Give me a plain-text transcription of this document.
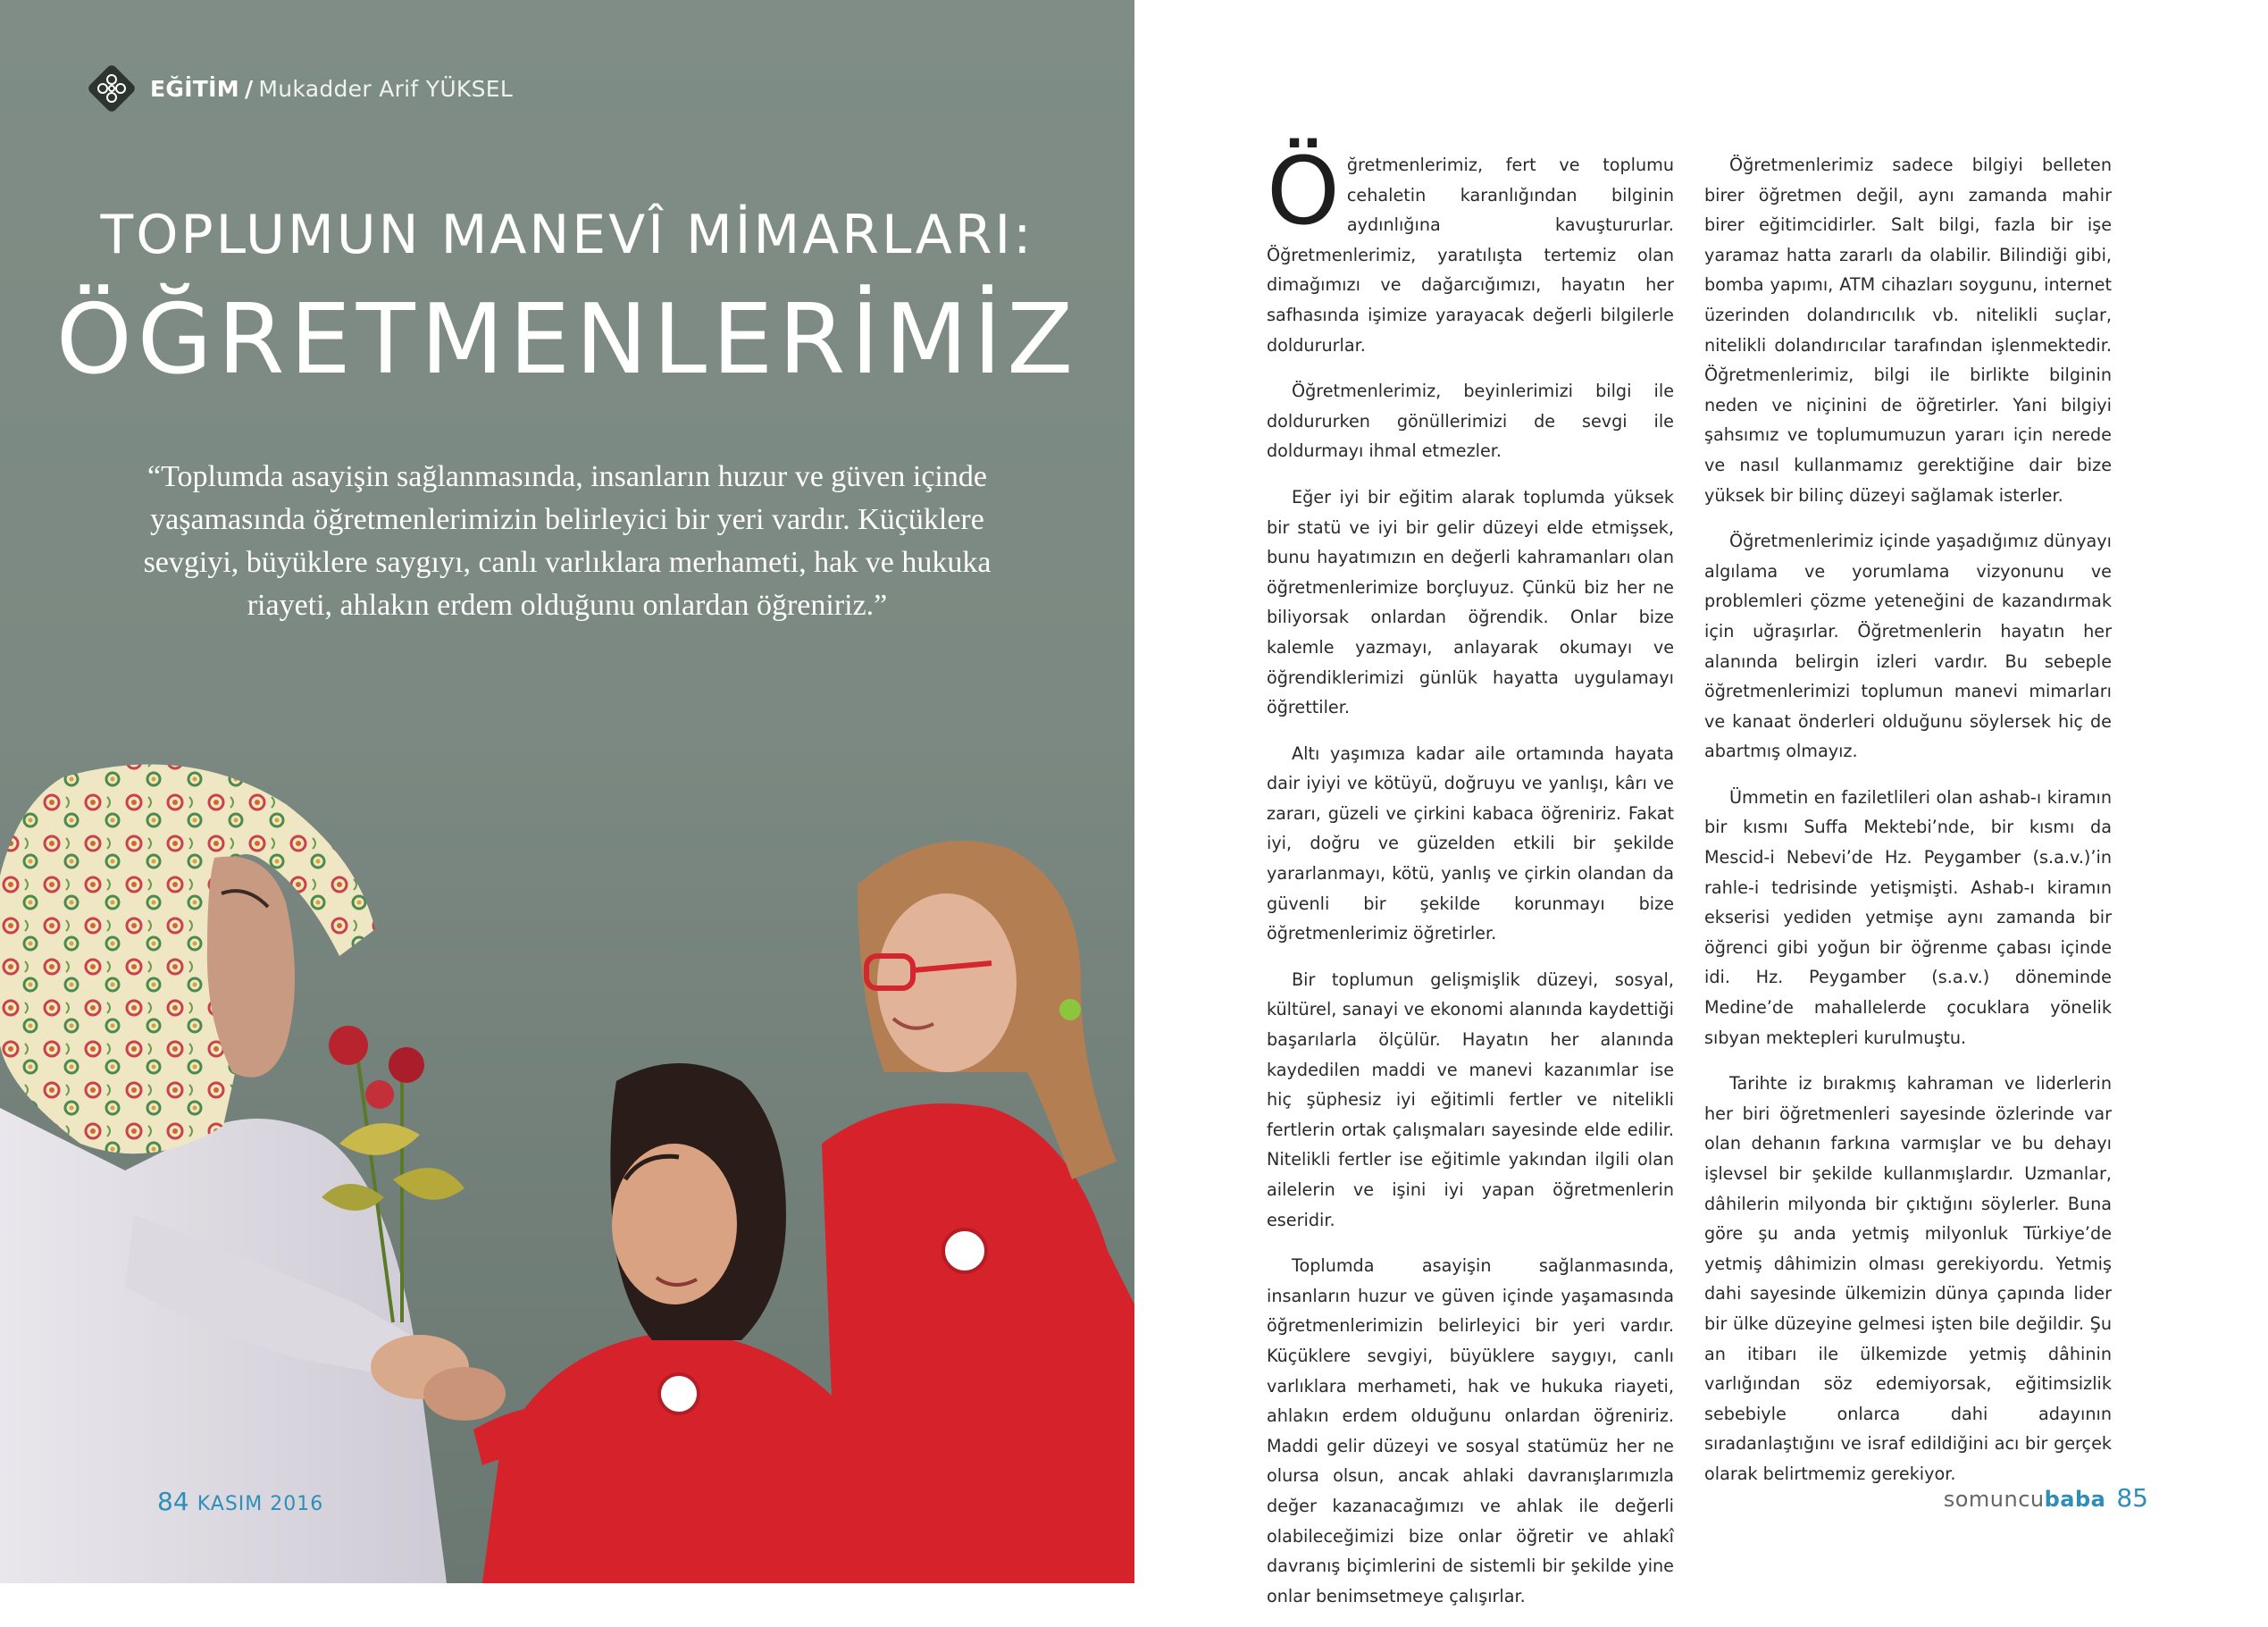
EĞİTİM / Mukadder Arif YÜKSEL
TOPLUMUN MANEVÎ MİMARLARI:
ÖĞRETMENLERİMİZ
“Toplumda asayişin sağlanmasında, insanların huzur ve güven içinde yaşamasında öğretmenlerimizin belirleyici bir yeri vardır. Küçüklere sevgiyi, büyüklere saygıyı, canlı varlıklara merhameti, hak ve hukuka riayeti, ahlakın erdem olduğunu onlardan öğreniriz.”
84 KASIM 2016

Öğretmenlerimiz, fert ve toplumu cehaletin karanlığından bilginin aydınlığına kavuştururlar. Öğretmenlerimiz, yaratılışta tertemiz olan dimağımızı ve dağarcığımızı, hayatın her safhasında işimize yarayacak değerli bilgilerle doldururlar.

Öğretmenlerimiz, beyinlerimizi bilgi ile doldururken gönüllerimizi de sevgi ile doldurmayı ihmal etmezler.

Eğer iyi bir eğitim alarak toplumda yüksek bir statü ve iyi bir gelir düzeyi elde etmişsek, bunu hayatımızın en değerli kahramanları olan öğretmenlerimize borçluyuz. Çünkü biz her ne biliyorsak onlardan öğrendik. Onlar bize kalemle yazmayı, anlayarak okumayı ve öğrendiklerimizi günlük hayatta uygulamayı öğrettiler.

Altı yaşımıza kadar aile ortamında hayata dair iyiyi ve kötüyü, doğruyu ve yanlışı, kârı ve zararı, güzeli ve çirkini kabaca öğreniriz. Fakat iyi, doğru ve güzelden etkili bir şekilde yararlanmayı, kötü, yanlış ve çirkin olandan da güvenli bir şekilde korunmayı bize öğretmenlerimiz öğretirler.

Bir toplumun gelişmişlik düzeyi, sosyal, kültürel, sanayi ve ekonomi alanında kaydettiği başarılarla ölçülür. Hayatın her alanında kaydedilen maddi ve manevi kazanımlar ise hiç şüphesiz iyi eğitimli fertler ve nitelikli fertlerin ortak çalışmaları sayesinde elde edilir. Nitelikli fertler ise eğitimle yakından ilgili olan ailelerin ve işini iyi yapan öğretmenlerin eseridir.

Toplumda asayişin sağlanmasında, insanların huzur ve güven içinde yaşamasında öğretmenlerimizin belirleyici bir yeri vardır. Küçüklere sevgiyi, büyüklere saygıyı, canlı varlıklara merhameti, hak ve hukuka riayeti, ahlakın erdem olduğunu onlardan öğreniriz. Maddi gelir düzeyi ve sosyal statümüz her ne olursa olsun, ancak ahlaki davranışlarımızla değer kazanacağımızı ve ahlak ile değerli olabileceğimizi bize onlar öğretir ve ahlakî davranış biçimlerini de sistemli bir şekilde yine onlar benimsetmeye çalışırlar.

Öğretmenlerimiz sadece bilgiyi belleten birer öğretmen değil, aynı zamanda mahir birer eğitimcidirler. Salt bilgi, fazla bir işe yaramaz hatta zararlı da olabilir. Bilindiği gibi, bomba yapımı, ATM cihazları soygunu, internet üzerinden dolandırıcılık vb. nitelikli suçlar, nitelikli dolandırıcılar tarafından işlenmektedir. Öğretmenlerimiz, bilgi ile birlikte bilginin neden ve niçinini de öğretirler. Yani bilgiyi şahsımız ve toplumumuzun yararı için nerede ve nasıl kullanmamız gerektiğine dair bize yüksek bir bilinç düzeyi sağlamak isterler.

Öğretmenlerimiz içinde yaşadığımız dünyayı algılama ve yorumlama vizyonunu ve problemleri çözme yeteneğini de kazandırmak için uğraşırlar. Öğretmenlerin hayatın her alanında belirgin izleri vardır. Bu sebeple öğretmenlerimizi toplumun manevi mimarları ve kanaat önderleri olduğunu söylersek hiç de abartmış olmayız.

Ümmetin en faziletlileri olan ashab-ı kiramın bir kısmı Suffa Mektebi’nde, bir kısmı da Mescid-i Nebevi’de Hz. Peygamber (s.a.v.)’in rahle-i tedrisinde yetişmişti. Ashab-ı kiramın ekserisi yediden yetmişe aynı zamanda bir öğrenci gibi yoğun bir öğrenme çabası içinde idi. Hz. Peygamber (s.a.v.) döneminde Medine’de mahallelerde çocuklara yönelik sıbyan mektepleri kurulmuştu.

Tarihte iz bırakmış kahraman ve liderlerin her biri öğretmenleri sayesinde özlerinde var olan dehanın farkına varmışlar ve bu dehayı işlevsel bir şekilde kullanmışlardır. Uzmanlar, dâhilerin milyonda bir çıktığını söylerler. Buna göre şu anda yetmiş milyonluk Türkiye’de yetmiş dâhimizin olması gerekiyordu. Yetmiş dahi sayesinde ülkemizin dünya çapında lider bir ülke düzeyine gelmesi işten bile değildir. Şu an itibarı ile ülkemizde yetmiş dâhinin varlığından söz edemiyorsak, eğitimsizlik sebebiyle onlarca dahi adayının sıradanlaştığını ve israf edildiğini acı bir gerçek olarak belirtmemiz gerekiyor.

somuncubaba 85
